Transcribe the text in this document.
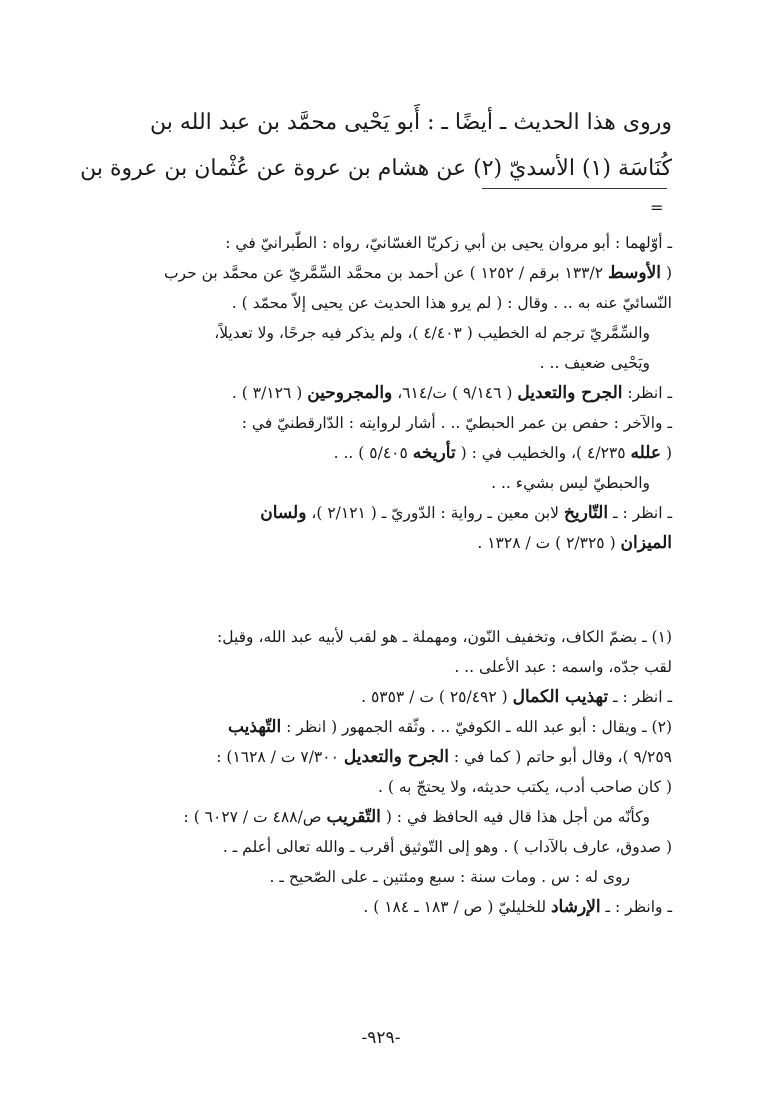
وروى هذا الحديث ـ أيضًا ـ : أَبو يَحْيى محمَّد بن عبد الله بن
كُنَاسَة (١) الأسديّ (٢) عن هشام بن عروة عن عُثْمان بن عروة بن
=
ـ أوّلهما : أبو مروان يحيى بن أبي زكريّا الغسّانيّ، رواه : الطّبرانيّ في :
( الأوسط ١٣٣/٢ برقم / ١٢٥٢ ) عن أحمد بن محمَّد السِّمَّريّ عن محمَّد بن حرب
النّسائيّ عنه به .. . وقال : ( لم يرو هذا الحديث عن يحيى إلاّ محمّد ) .
والسِّمَّريّ ترجم له الخطيب ( ٤/٤٠٣ )، ولم يذكر فيه جرحًا، ولا تعديلاً،
ويَحْيى ضعيف .. .
ـ انظر: الجرح والتعديل ( ٩/١٤٦ ) ت/٦١٤، والمجروحين ( ٣/١٢٦ ) .
ـ والآخر : حفص بن عمر الحبطيّ .. . أشار لروايته : الدّارقطنيّ في :
( علله ٤/٢٣٥ )، والخطيب في : ( تأريخه ٥/٤٠٥ ) .. .
والحبطيّ ليس بشيء .. .
ـ انظر : ـ التّاريخ لابن معين ـ رواية : الدّوريّ ـ ( ٢/١٢١ )، ولسان
الميزان ( ٢/٣٢٥ ) ت / ١٣٢٨ .
(١) ـ بضمّ الكاف، وتخفيف النّون، ومهملة ـ هو لقب لأبيه عبد الله، وقيل:
لقب جدّه، واسمه : عبد الأعلى .. .
ـ انظر : ـ تهذيب الكمال ( ٢٥/٤٩٢ ) ت / ٥٣٥٣ .
(٢) ـ ويقال : أبو عبد الله ـ الكوفيّ .. . وثّقه الجمهور ( انظر : التّهذيب
٩/٢٥٩ )، وقال أبو حاتم ( كما في : الجرح والتعديل ٧/٣٠٠ ت / ١٦٢٨) :
( كان صاحب أدب، يكتب حديثه، ولا يحتجّ به ) .
وكأنّه من أجل هذا قال فيه الحافظ في : ( التّقريب ص/٤٨٨ ت / ٦٠٢٧ ) :
( صدوق، عارف بالآداب ) . وهو إلى التّوثيق أقرب ـ والله تعالى أعلم ـ .
روى له : س . ومات سنة : سبع ومئتين ـ على الصّحيح ـ .
ـ وانظر : ـ الإرشاد للخليليّ ( ص / ١٨٣ ـ ١٨٤ ) .
-٩٢٩-
